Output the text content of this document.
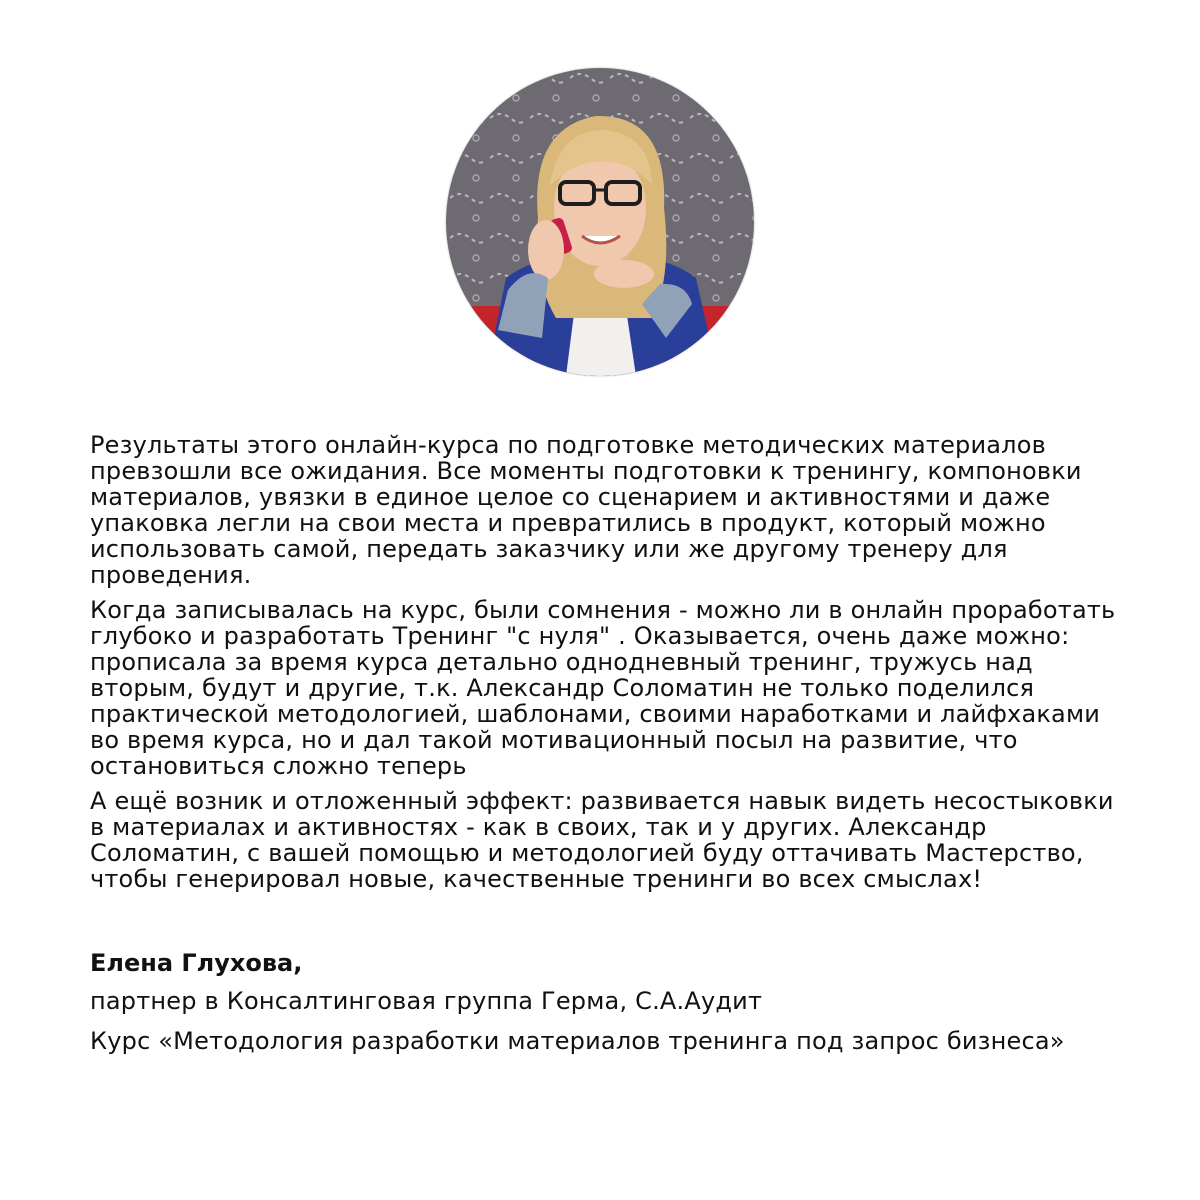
Результаты этого онлайн-курса по подготовке методических материалов превзошли все ожидания. Все моменты подготовки к тренингу, компоновки материалов, увязки в единое целое со сценарием и активностями и даже упаковка легли на свои места и превратились в продукт, который можно использовать самой, передать заказчику или же другому тренеру для проведения.

Когда записывалась на курс, были сомнения - можно ли в онлайн проработать глубоко и разработать Тренинг "с нуля" . Оказывается, очень даже можно: прописала за время курса детально однодневный тренинг, тружусь над вторым, будут и другие, т.к. Александр Соломатин не только поделился практической методологией, шаблонами, своими наработками и лайфхаками во время курса, но и дал такой мотивационный посыл на развитие, что остановиться сложно теперь

А ещё возник и отложенный эффект: развивается навык видеть несостыковки в материалах и активностях - как в своих, так и у других. Александр Соломатин, с вашей помощью и методологией буду оттачивать Мастерство, чтобы генерировал новые, качественные тренинги во всех смыслах!

Елена Глухова,
партнер в Консалтинговая группа Герма, С.А.Аудит
Курс «Методология разработки материалов тренинга под запрос бизнеса»
